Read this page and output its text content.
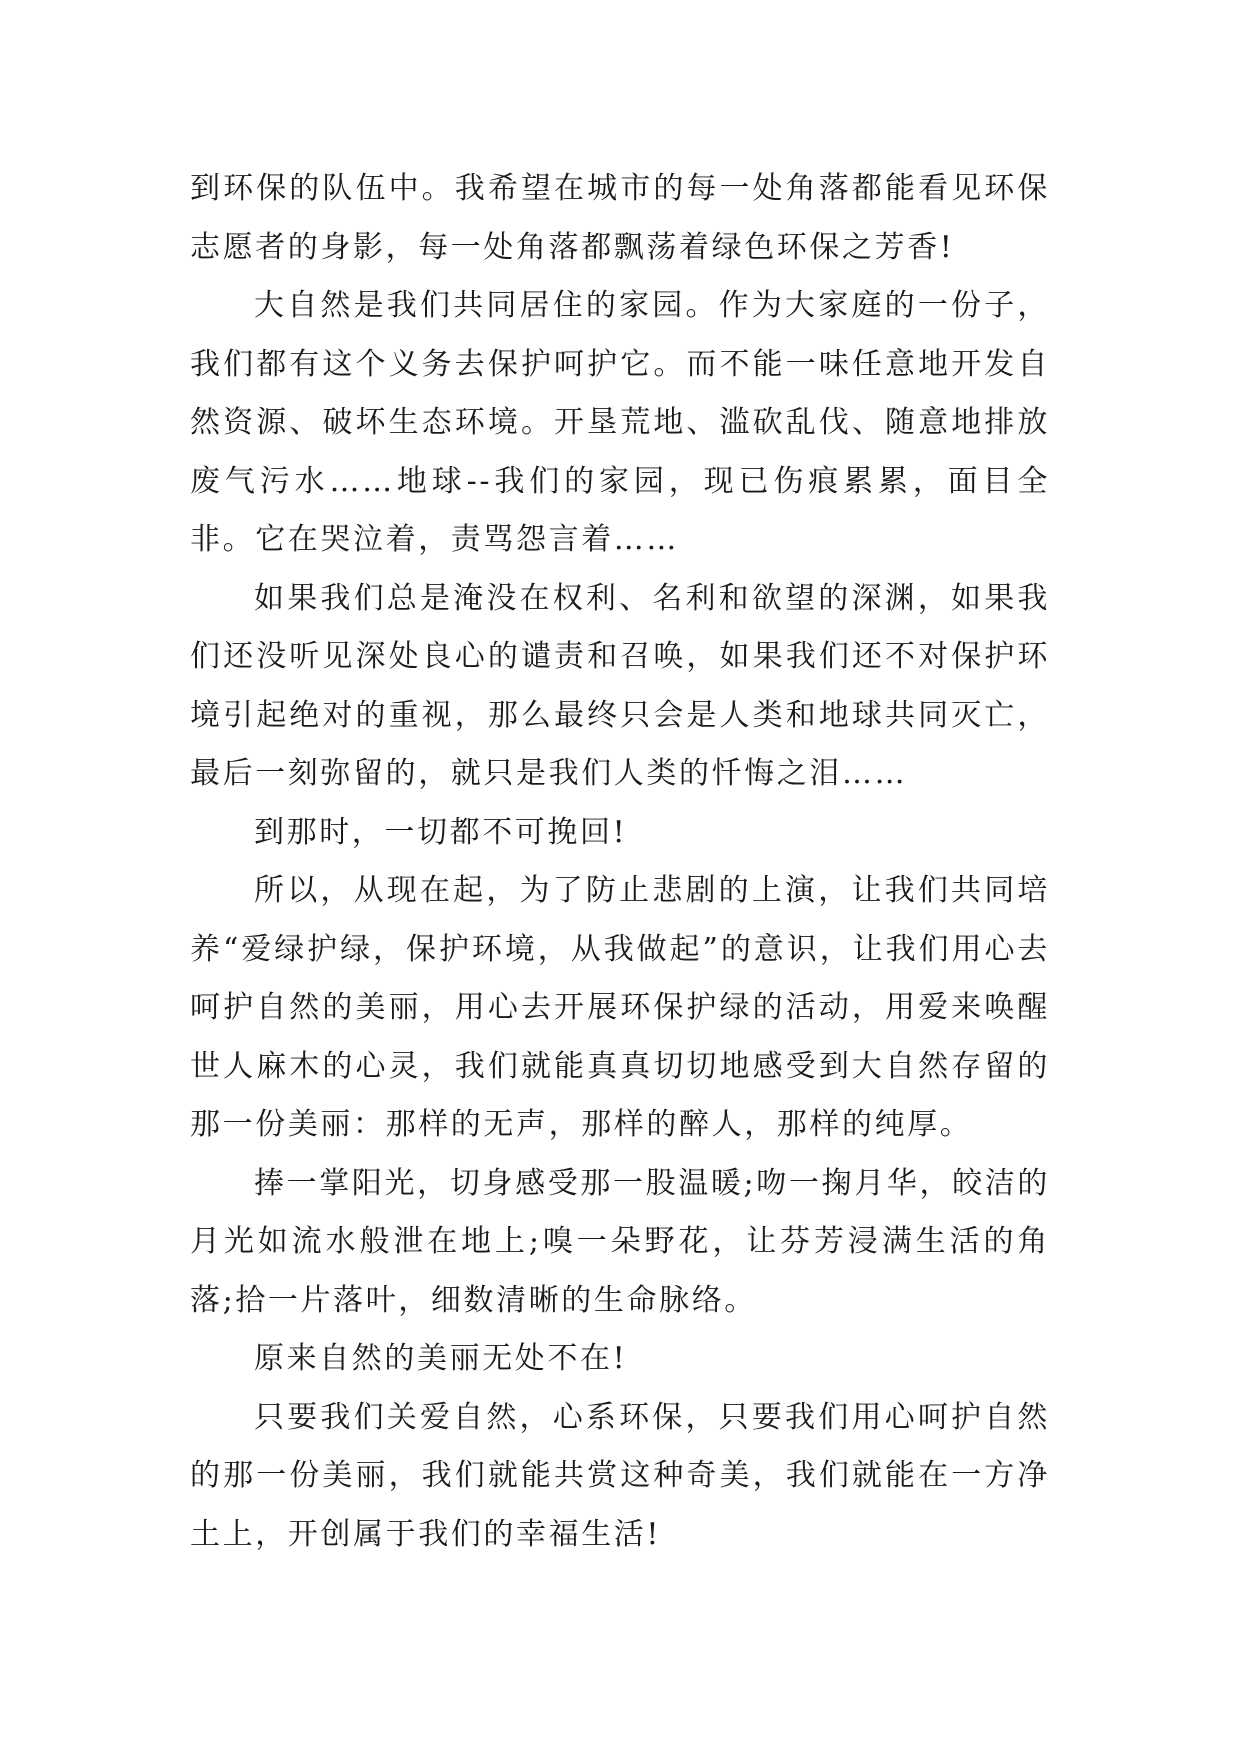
到环保的队伍中。我希望在城市的每一处角落都能看见环保志愿者的身影，每一处角落都飘荡着绿色环保之芳香!

大自然是我们共同居住的家园。作为大家庭的一份子，我们都有这个义务去保护呵护它。而不能一味任意地开发自然资源、破坏生态环境。开垦荒地、滥砍乱伐、随意地排放废气污水……地球--我们的家园，现已伤痕累累，面目全非。它在哭泣着，责骂怨言着……

如果我们总是淹没在权利、名利和欲望的深渊，如果我们还没听见深处良心的谴责和召唤，如果我们还不对保护环境引起绝对的重视，那么最终只会是人类和地球共同灭亡，最后一刻弥留的，就只是我们人类的忏悔之泪……

到那时，一切都不可挽回!

所以，从现在起，为了防止悲剧的上演，让我们共同培养“爱绿护绿，保护环境，从我做起”的意识，让我们用心去呵护自然的美丽，用心去开展环保护绿的活动，用爱来唤醒世人麻木的心灵，我们就能真真切切地感受到大自然存留的那一份美丽：那样的无声，那样的醉人，那样的纯厚。

捧一掌阳光，切身感受那一股温暖;吻一掬月华，皎洁的月光如流水般泄在地上;嗅一朵野花，让芬芳浸满生活的角落;拾一片落叶，细数清晰的生命脉络。

原来自然的美丽无处不在!

只要我们关爱自然，心系环保，只要我们用心呵护自然的那一份美丽，我们就能共赏这种奇美，我们就能在一方净土上，开创属于我们的幸福生活!
